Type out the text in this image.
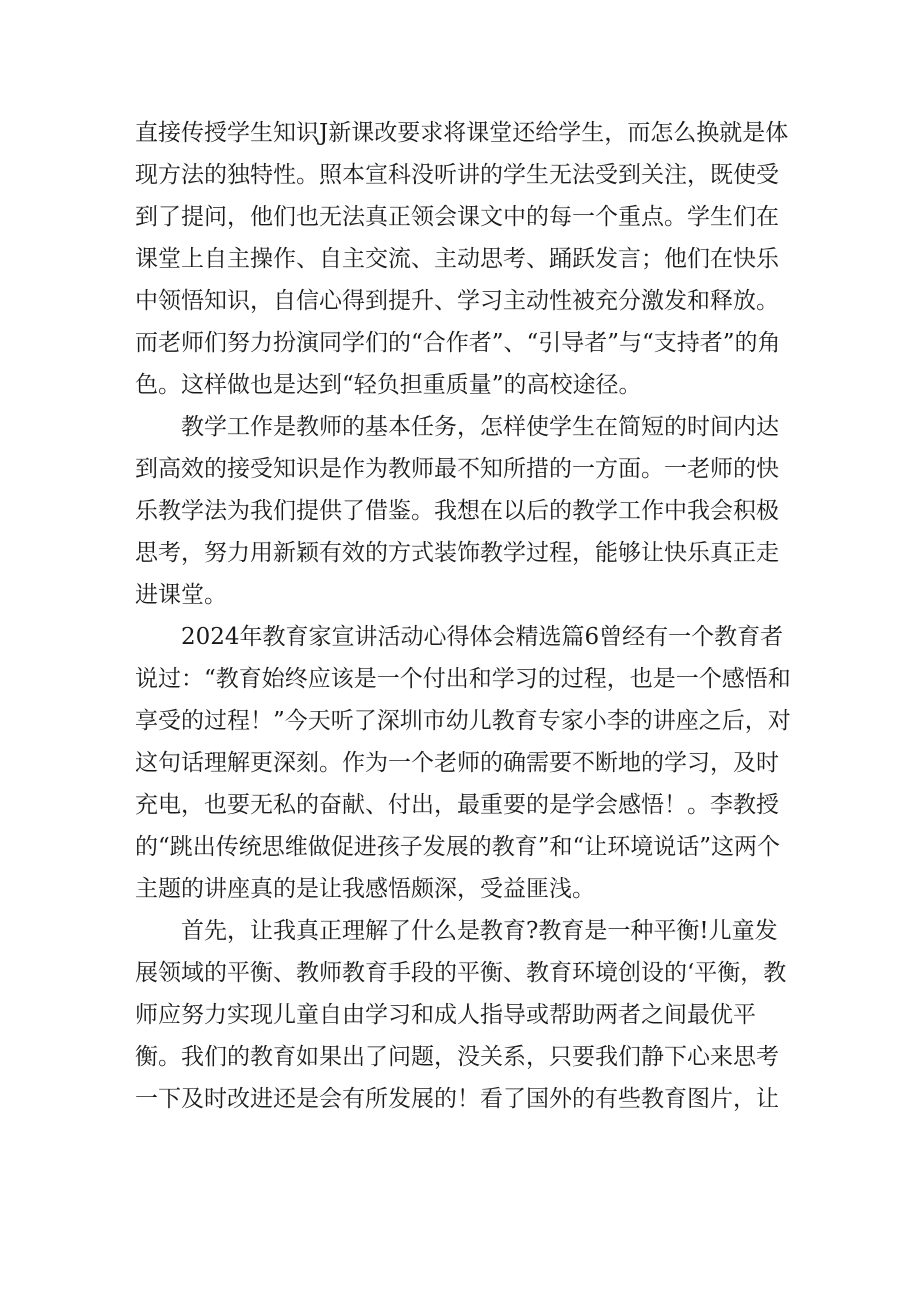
直接传授学生知识J新课改要求将课堂还给学生，而怎么换就是体现方法的独特性。照本宣科没听讲的学生无法受到关注，既使受到了提问，他们也无法真正领会课文中的每一个重点。学生们在课堂上自主操作、自主交流、主动思考、踊跃发言；他们在快乐中领悟知识，自信心得到提升、学习主动性被充分激发和释放。而老师们努力扮演同学们的“合作者”、“引导者”与“支持者”的角色。这样做也是达到“轻负担重质量”的高校途径。

　　教学工作是教师的基本任务，怎样使学生在简短的时间内达到高效的接受知识是作为教师最不知所措的一方面。一老师的快乐教学法为我们提供了借鉴。我想在以后的教学工作中我会积极思考，努力用新颖有效的方式装饰教学过程，能够让快乐真正走进课堂。

　　2024年教育家宣讲活动心得体会精选篇6曾经有一个教育者说过：“教育始终应该是一个付出和学习的过程，也是一个感悟和享受的过程！”今天听了深圳市幼儿教育专家小李的讲座之后，对这句话理解更深刻。作为一个老师的确需要不断地的学习，及时充电，也要无私的奋献、付出，最重要的是学会感悟！。李教授的“跳出传统思维做促进孩子发展的教育”和“让环境说话”这两个主题的讲座真的是让我感悟颇深，受益匪浅。

　　首先，让我真正理解了什么是教育?教育是一种平衡!儿童发展领域的平衡、教师教育手段的平衡、教育环境创设的‘平衡，教师应努力实现儿童自由学习和成人指导或帮助两者之间最优平衡。我们的教育如果出了问题，没关系，只要我们静下心来思考一下及时改进还是会有所发展的！看了国外的有些教育图片，让
